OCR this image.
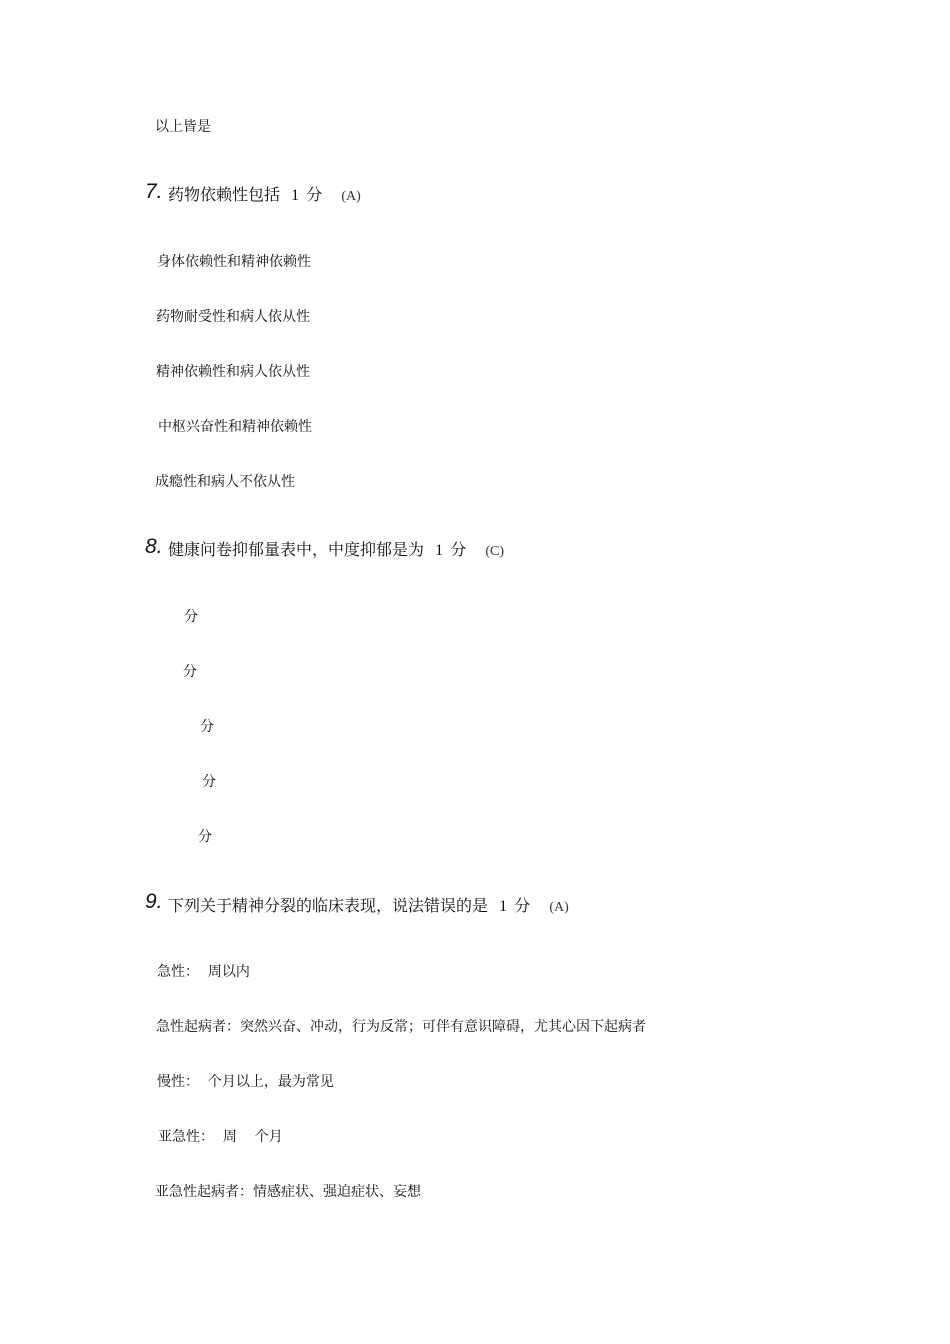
以上皆是
7. 药物依赖性包括 1 分 (A)
身体依赖性和精神依赖性
药物耐受性和病人依从性
精神依赖性和病人依从性
中枢兴奋性和精神依赖性
成瘾性和病人不依从性
8. 健康问卷抑郁量表中，中度抑郁是为 1 分 (C)
分
分
分
分
分
9. 下列关于精神分裂的临床表现，说法错误的是 1 分 (A)
急性：  周以内
急性起病者：突然兴奋、冲动，行为反常；可伴有意识障碍，尤其心因下起病者
慢性：  个月以上，最为常见
亚急性：  周    个月
亚急性起病者：情感症状、强迫症状、妄想
